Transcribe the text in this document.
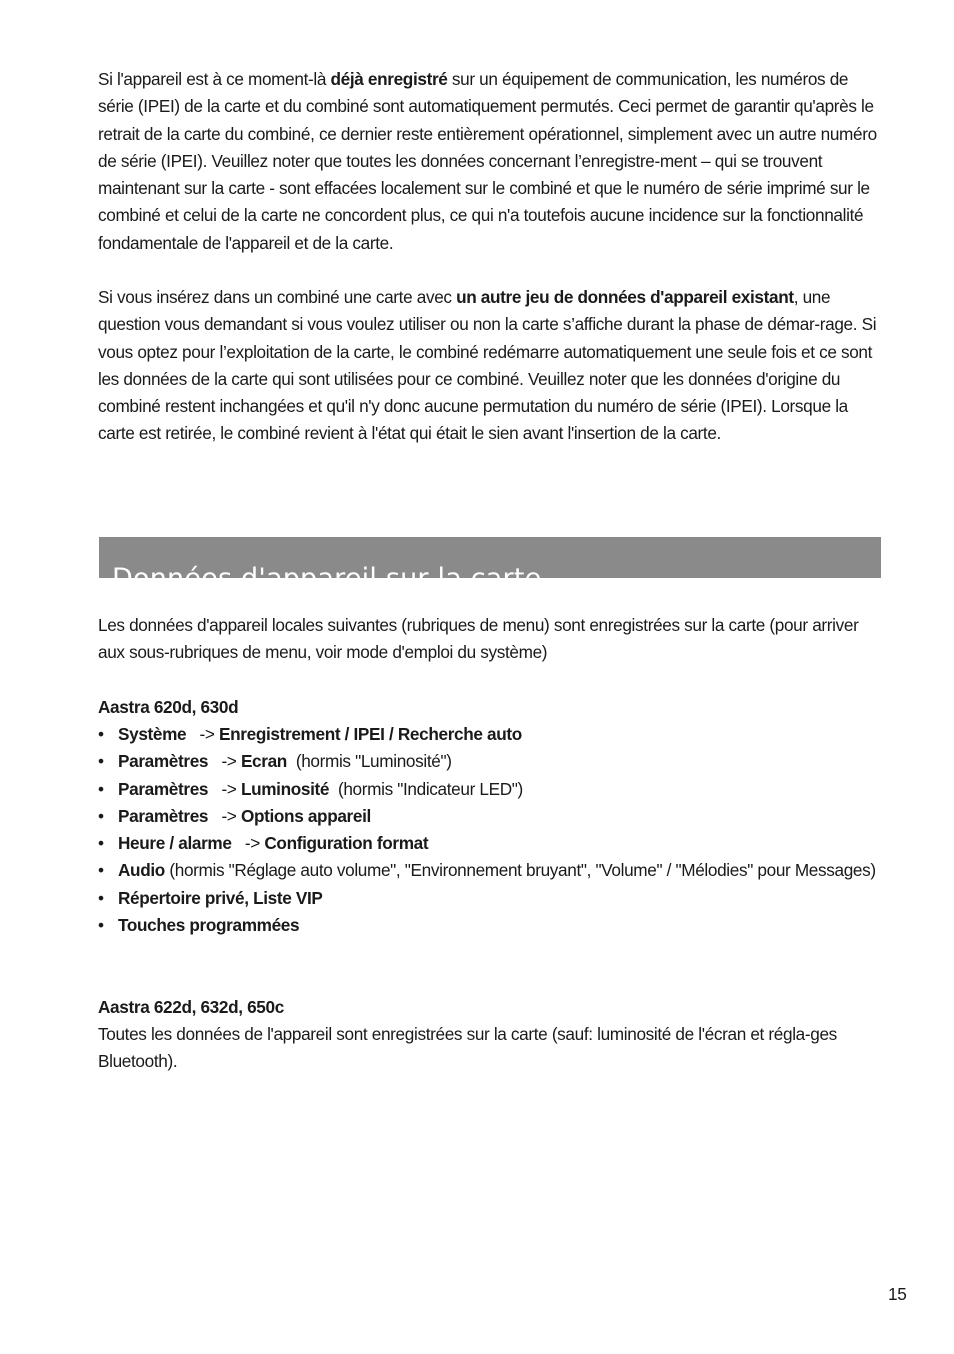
Si l'appareil est à ce moment-là déjà enregistré sur un équipement de communication, les numéros de série (IPEI) de la carte et du combiné sont automatiquement permutés. Ceci permet de garantir qu'après le retrait de la carte du combiné, ce dernier reste entièrement opérationnel, simplement avec un autre numéro de série (IPEI). Veuillez noter que toutes les données concernant l’enregistre-ment – qui se trouvent maintenant sur la carte - sont effacées localement sur le combiné et que le numéro de série imprimé sur le combiné et celui de la carte ne concordent plus, ce qui n'a toutefois aucune incidence sur la fonctionnalité fondamentale de l'appareil et de la carte.

Si vous insérez dans un combiné une carte avec un autre jeu de données d'appareil existant, une question vous demandant si vous voulez utiliser ou non la carte s’affiche durant la phase de démar-rage. Si vous optez pour l’exploitation de la carte, le combiné redémarre automatiquement une seule fois et ce sont les données de la carte qui sont utilisées pour ce combiné. Veuillez noter que les données d'origine du combiné restent inchangées et qu'il n'y donc aucune permutation du numéro de série (IPEI). Lorsque la carte est retirée, le combiné revient à l'état qui était le sien avant l'insertion de la carte.

Données d'appareil sur la carte

Les données d'appareil locales suivantes (rubriques de menu) sont enregistrées sur la carte (pour arriver aux sous-rubriques de menu, voir mode d'emploi du système)

Aastra 620d, 630d

• Système -> Enregistrement / IPEI / Recherche auto
• Paramètres -> Ecran (hormis "Luminosité")
• Paramètres -> Luminosité (hormis "Indicateur LED")
• Paramètres -> Options appareil
• Heure / alarme -> Configuration format
• Audio (hormis "Réglage auto volume", "Environnement bruyant", "Volume" / "Mélodies" pour Messages)
• Répertoire privé, Liste VIP
• Touches programmées

Aastra 622d, 632d, 650c

Toutes les données de l'appareil sont enregistrées sur la carte (sauf: luminosité de l'écran et régla-ges Bluetooth).

15
